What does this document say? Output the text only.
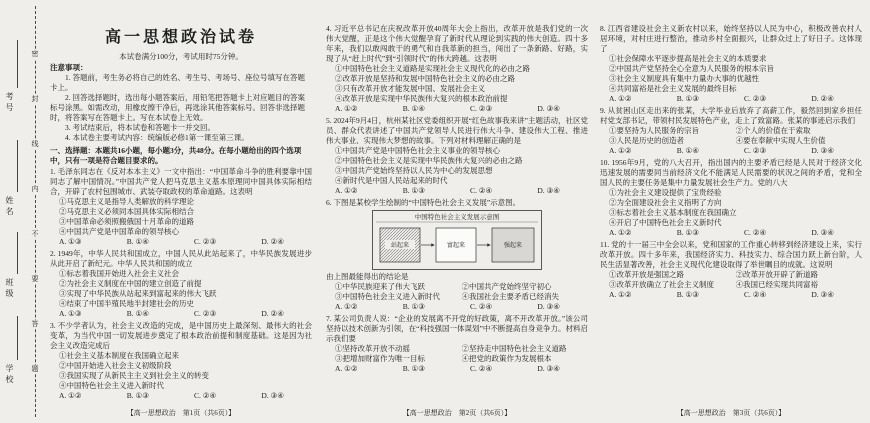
考号
姓名
班级
学校
密
封
线
内
不
要
答
题
高一思想政治试卷

本试卷满分100分，考试用时75分钟。

注意事项：

1. 答题前，考生务必将自己的姓名、考生号、考场号、座位号填写在答题卡上。

2. 回答选择题时，选出每小题答案后，用铅笔把答题卡上对应题目的答案标号涂黑。如需改动，用橡皮擦干净后，再选涂其他答案标号。回答非选择题时，将答案写在答题卡上。写在本试卷上无效。

3. 考试结束后，将本试卷和答题卡一并交回。

4. 本试卷主要考试内容：统编版必修1第一课至第三课。

一、选择题：本题共16小题，每小题3分，共48分。在每小题给出的四个选项中，只有一项是符合题目要求的。

1. 毛泽东同志在《反对本本主义》一文中指出：“中国革命斗争的胜利要靠中国同志了解中国情况。”中国共产党人把马克思主义基本原理同中国具体实际相结合，开辟了农村包围城市、武装夺取政权的革命道路。这表明

①马克思主义是指导人类解放的科学理论
②马克思主义必须同本国具体实际相结合
③中国革命必须照搬俄国十月革命的道路
④中国共产党是中国革命的领导核心
A. ①③	B. ①④	C. ②③	D. ②④

2. 1949年，中华人民共和国成立，中国人民从此站起来了，中华民族发展进步从此开启了新纪元。中华人民共和国的成立

①标志着我国开始进入社会主义社会
②为社会主义制度在中国的建立创造了前提
③实现了中华民族从站起来到富起来的伟大飞跃
④结束了中国半殖民地半封建社会的历史
A. ①③	B. ①④	C. ②③	D. ②④

3. 不少学者认为，社会主义改造的完成，是中国历史上最深刻、最伟大的社会变革，为当代中国一切发展进步奠定了根本政治前提和制度基础。这是因为社会主义改造完成后

①社会主义基本制度在我国确立起来
②中国开始进入社会主义初级阶段
③我国实现了从新民主主义到社会主义的转变
④中国特色社会主义进入新时代
A. ①②	B. ①③	C. ②④	D. ③④

4. 习近平总书记在庆祝改革开放40周年大会上指出，改革开放是我们党的一次伟大觉醒，正是这个伟大觉醒孕育了新时代从理论到实践的伟大创造。四十多年来，我们以敢闯敢干的勇气和自我革新的担当，闯出了一条新路、好路，实现了从“赶上时代”到“引领时代”的伟大跨越。这表明

①中国特色社会主义道路是实现社会主义现代化的必由之路
②改革开放是坚持和发展中国特色社会主义的必由之路
③只有改革开放才能发展中国、发展社会主义
④改革开放是实现中华民族伟大复兴的根本政治前提
A. ①②	B. ①④	C. ②③	D. ③④

5. 2024年9月4日，杭州某社区党委组织开展“红色故事我来讲”主题活动，社区党员、群众代表讲述了中国共产党领导人民进行伟大斗争、建设伟大工程、推进伟大事业、实现伟大梦想的故事。下列对材料理解正确的是

①中国共产党是中国特色社会主义事业的领导核心
②中国特色社会主义是实现中华民族伟大复兴的必由之路
③中国共产党始终坚持以人民为中心的发展思想
④新时代是中国人民站起来的时代
A. ①②	B. ①③	C. ②④	D. ③④

6. 下图是某校学生绘制的“中国特色社会主义发展”示意图。

中国特色社会主义发展示意图
站起来	富起来	强起来

由上图最能得出的结论是

①中华民族迎来了伟大飞跃	②中国共产党始终坚守初心
③中国特色社会主义进入新时代	④我国社会主要矛盾已经消失
A. ①②	B. ①③	C. ②④	D. ③④

7. 某公司负责人说：“企业的发展离不开党的好政策，离不开改革开放。”该公司坚持以技术创新为引领，在“科技强国一体谋划”中不断提高自身竞争力。材料启示我们要

①坚持改革开放不动摇	②坚持走中国特色社会主义道路
③把增加财富作为唯一目标	④把党的政策作为发展根本
A. ①②	B. ①③	C. ②④	D. ③④

8. 江西省建设社会主义新农村以来，始终坚持以人民为中心，积极改善农村人居环境，对村庄进行整治，推动乡村全面振兴，让群众过上了好日子。这体现了

①社会保障水平逐步提高是社会主义的本质要求
②中国共产党坚持全心全意为人民服务的根本宗旨
③社会主义制度具有集中力量办大事的优越性
④共同富裕是社会主义发展的最终目标
A. ①②	B. ①③	C. ②③	D. ②④

9. 从贫困山区走出来的张某，大学毕业后放弃了高薪工作，毅然回到家乡担任村党支部书记，带领村民发展特色产业，走上了致富路。张某的事迹启示我们

①要坚持为人民服务的宗旨	②个人的价值在于索取
③人民是历史的创造者	④要在奉献中实现人生价值
A. ①②	B. ①④	C. ②③	D. ③④

10. 1956年9月，党的八大召开，指出国内的主要矛盾已经是人民对于经济文化迅速发展的需要同当前经济文化不能满足人民需要的状况之间的矛盾，党和全国人民的主要任务是集中力量发展社会生产力。党的八大

①为社会主义建设提供了宝贵经验
②为全面建设社会主义指明了方向
③标志着社会主义基本制度在我国确立
④开启了中国特色社会主义新时代
A. ①②	B. ①③	C. ②④	D. ③④

11. 党的十一届三中全会以来，党和国家的工作重心转移到经济建设上来，实行改革开放。四十多年来，我国经济实力、科技实力、综合国力跃上新台阶，人民生活显著改善，社会主义现代化建设取得了举世瞩目的成就。这说明

①改革开放是强国之路	②改革开放开辟了新道路
③改革开放确立了社会主义制度	④我国已经实现共同富裕
A. ①②	B. ①③	C. ②④	D. ③④
【高一思想政治　第1页（共6页）】	【高一思想政治　第2页（共6页）】	【高一思想政治　第3页（共6页）】
